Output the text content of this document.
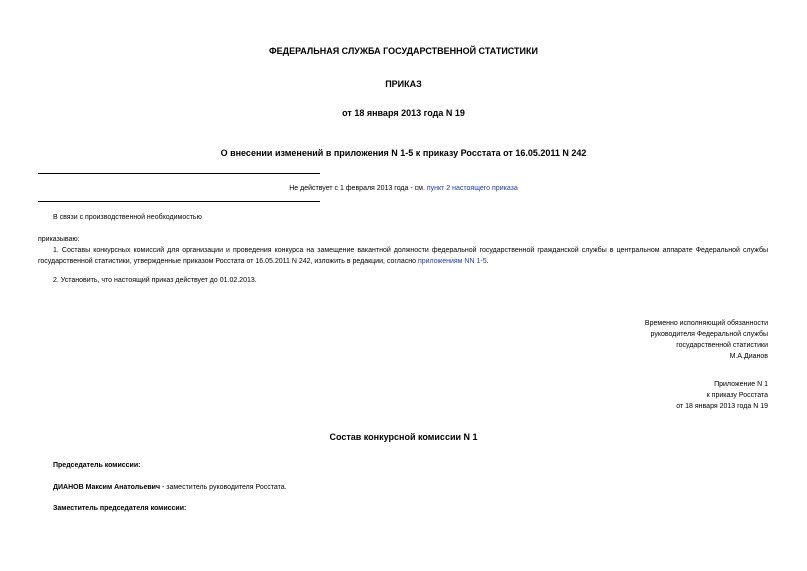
ФЕДЕРАЛЬНАЯ СЛУЖБА ГОСУДАРСТВЕННОЙ СТАТИСТИКИ
ПРИКАЗ
от 18 января 2013 года N 19
О внесении изменений в приложения N 1-5 к приказу Росстата от 16.05.2011 N 242
Не действует с 1 февраля 2013 года - см. пункт 2 настоящего приказа
В связи с производственной необходимостью
приказываю:
1. Составы конкурсных комиссий для организации и проведения конкурса на замещение вакантной должности федеральной государственной гражданской службы в центральном аппарате Федеральной службы государственной статистики, утвержденные приказом Росстата от 16.05.2011 N 242, изложить в редакции, согласно приложениям NN 1-5.
2. Установить, что настоящий приказ действует до 01.02.2013.
Временно исполняющий обязанности
руководителя Федеральной службы
государственной статистики
М.А.Дианов
Приложение N 1
к приказу Росстата
от 18 января 2013 года N 19
Состав конкурсной комиссии N 1
Председатель комиссии:
ДИАНОВ Максим Анатольевич - заместитель руководителя Росстата.
Заместитель председателя комиссии:
